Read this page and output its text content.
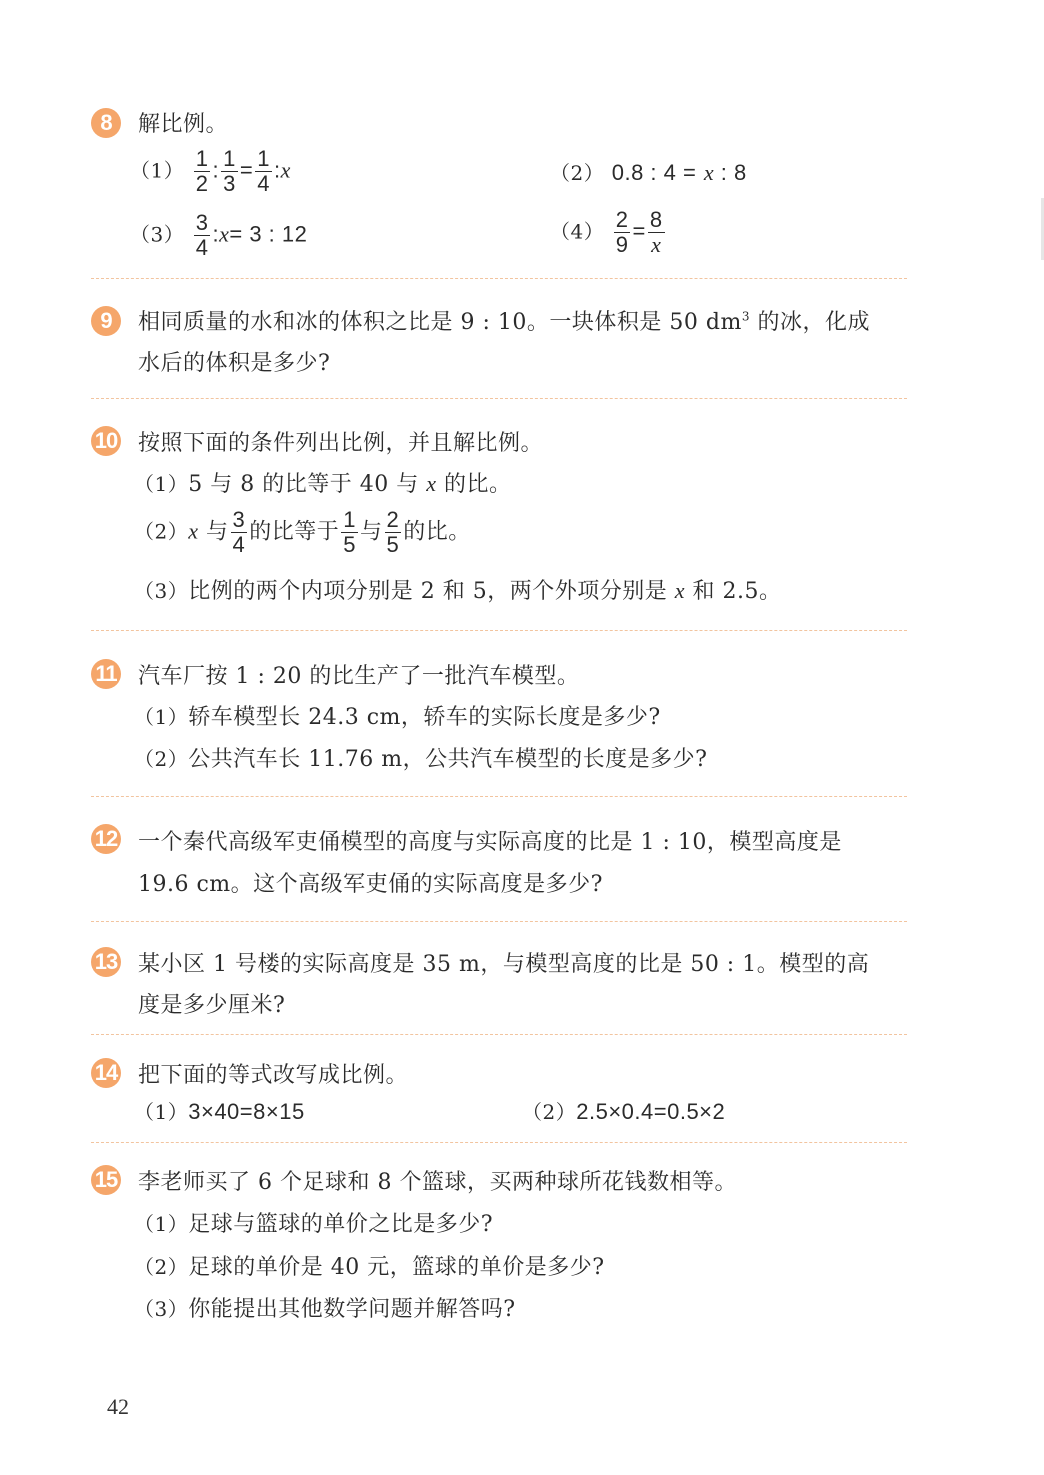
8	解比例。
$(1) \frac{1}{2}$ : $\frac{1}{3} = \frac{1}{4}$ :x	（2） 0.8 : 4 = x : 8
$(3) \frac{3}{4}$ :x= 3 : 12	$(4) \frac{2}{9} = \frac{8}{x}$
9	相同质量的水和冰的体积之比是 9 : 10。一块体积是 50 $dm^3$ 的冰，化成
水后的体积是多少?
10 按照下面的条件列出比例，并且解比例。
（1）5 与 8 的比等于 40 与 x 的比。
（2）x 与 $\frac{3}{4}$ 的比等于 $\frac{1}{5}$ 与 $\frac{2}{5}$ 的比。
（3）比例的两个内项分别是 2 和 5，两个外项分别是 x 和 2.5。
11 汽车厂按 1 : 20 的比生产了一批汽车模型。
（1）轿车模型长 24.3 cm，轿车的实际长度是多少?
（2）公共汽车长 11.76 m，公共汽车模型的长度是多少?
12 一个秦代高级军吏俑模型的高度与实际高度的比是 1 : 10，模型高度是
19.6 cm。这个高级军吏俑的实际高度是多少?
13 某小区 1 号楼的实际高度是 35 m，与模型高度的比是 50 : 1。模型的高
度是多少厘米?
14 把下面的等式改写成比例。
（1）3×40=8×15	（2）2.5×0.4=0.5×2
15 李老师买了 6 个足球和 8 个篮球，买两种球所花钱数相等。
（1）足球与篮球的单价之比是多少?
（2）足球的单价是 40 元，篮球的单价是多少?
（3）你能提出其他数学问题并解答吗?
42
